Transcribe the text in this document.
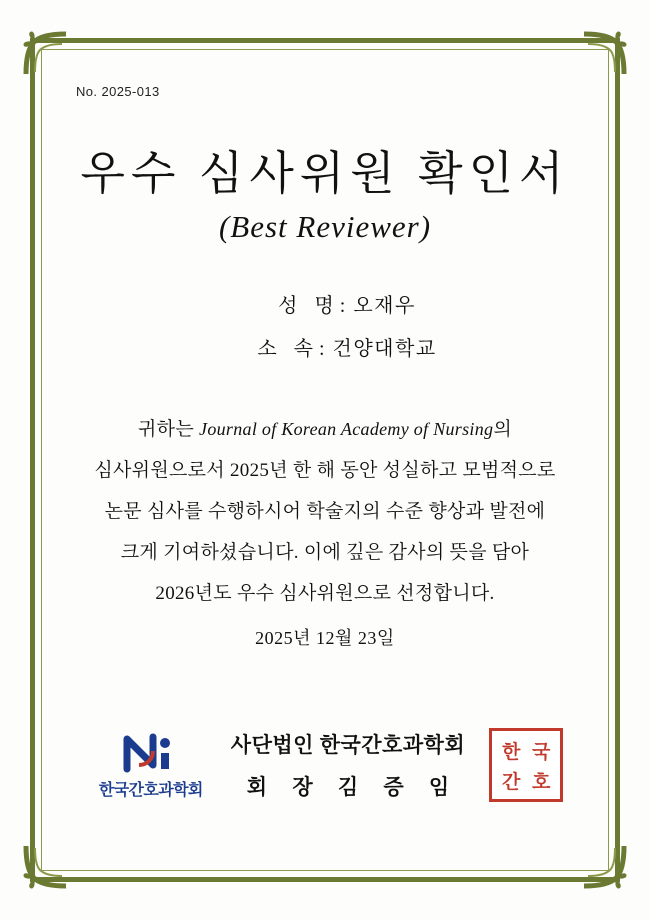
No. 2025-013
우수 심사위원 확인서
(Best Reviewer)
성 명: 오재우
소 속: 건양대학교
귀하는 Journal of Korean Academy of Nursing의
심사위원으로서 2025년 한 해 동안 성실하고 모범적으로
논문 심사를 수행하시어 학술지의 수준 향상과 발전에
크게 기여하셨습니다. 이에 깊은 감사의 뜻을 담아
2026년도 우수 심사위원으로 선정합니다.
2025년 12월 23일
한국간호과학회
사단법인 한국간호과학회
회 장 김 증 임
한 국
간 호
